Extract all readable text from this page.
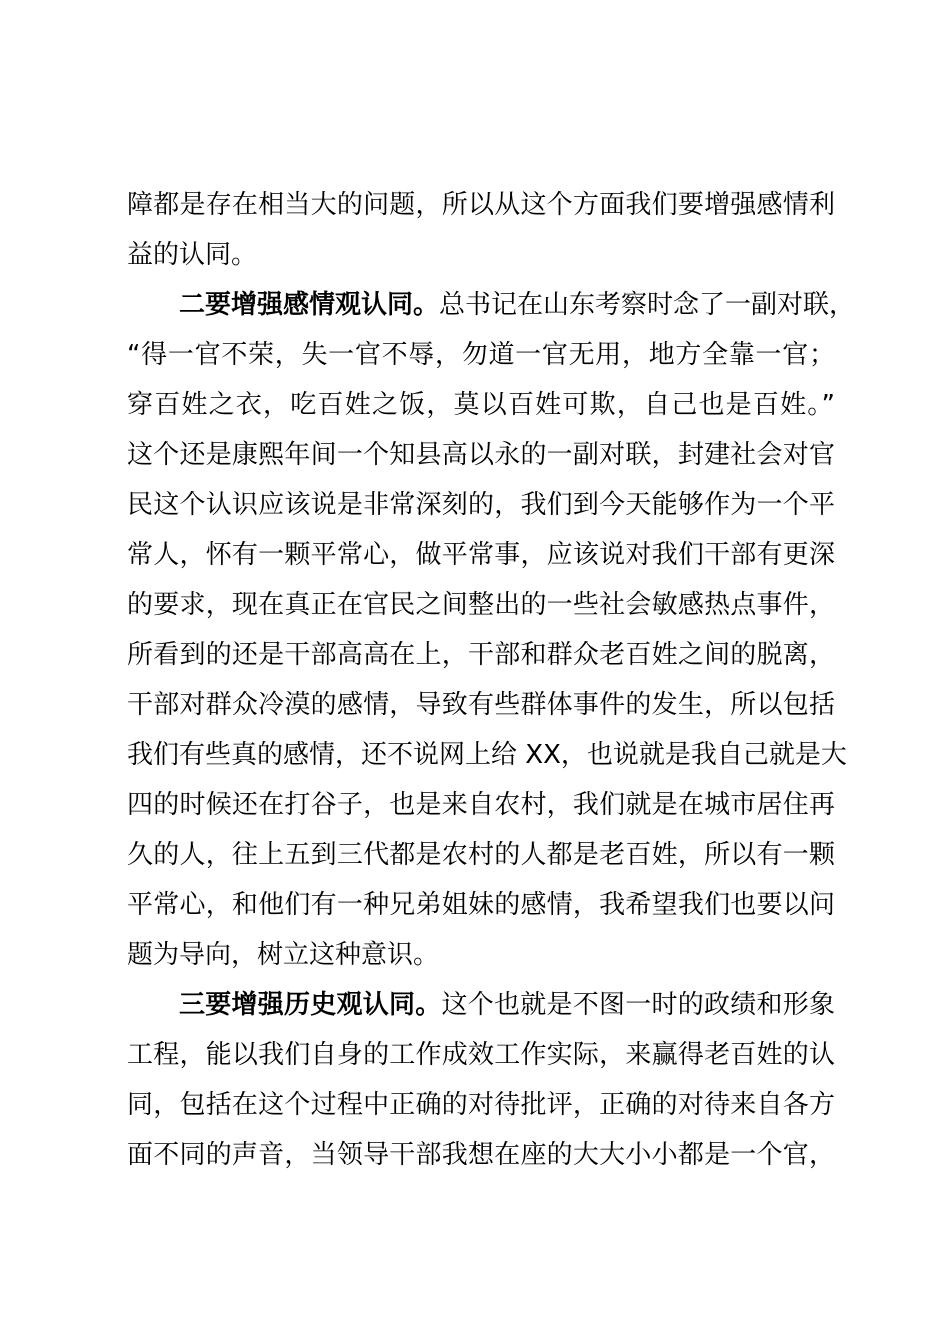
障都是存在相当大的问题，所以从这个方面我们要增强感情利
益的认同。
二要增强感情观认同。总书记在山东考察时念了一副对联，
“得一官不荣，失一官不辱，勿道一官无用，地方全靠一官；
穿百姓之衣，吃百姓之饭，莫以百姓可欺，自己也是百姓。”
这个还是康熙年间一个知县高以永的一副对联，封建社会对官
民这个认识应该说是非常深刻的，我们到今天能够作为一个平
常人，怀有一颗平常心，做平常事，应该说对我们干部有更深
的要求，现在真正在官民之间整出的一些社会敏感热点事件，
所看到的还是干部高高在上，干部和群众老百姓之间的脱离，
干部对群众冷漠的感情，导致有些群体事件的发生，所以包括
我们有些真的感情，还不说网上给 XX，也说就是我自己就是大
四的时候还在打谷子，也是来自农村，我们就是在城市居住再
久的人，往上五到三代都是农村的人都是老百姓，所以有一颗
平常心，和他们有一种兄弟姐妹的感情，我希望我们也要以问
题为导向，树立这种意识。
三要增强历史观认同。这个也就是不图一时的政绩和形象
工程，能以我们自身的工作成效工作实际，来赢得老百姓的认
同，包括在这个过程中正确的对待批评，正确的对待来自各方
面不同的声音，当领导干部我想在座的大大小小都是一个官，
